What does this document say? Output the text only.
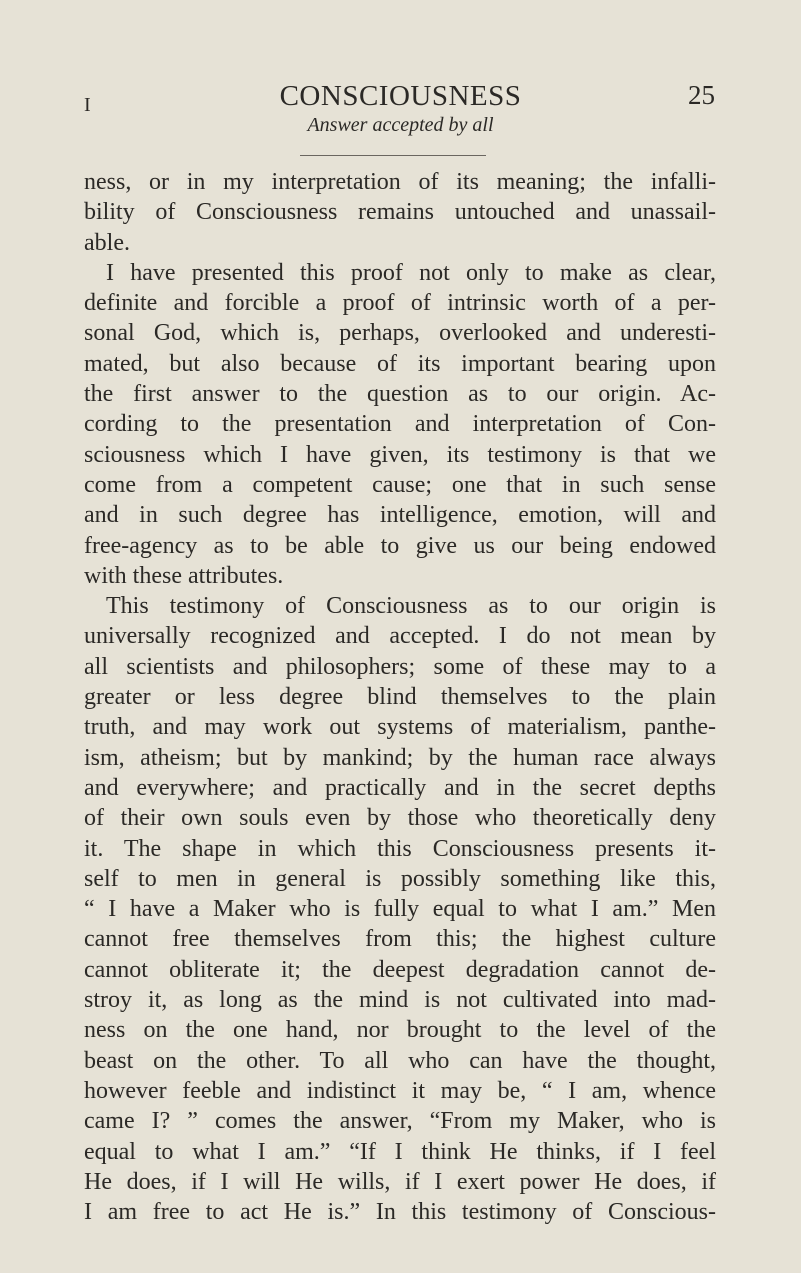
I	CONSCIOUSNESS	25
Answer accepted by all
ness, or in my interpretation of its meaning; the infalli-
bility of Consciousness remains untouched and unassail-
able.
I have presented this proof not only to make as clear,
definite and forcible a proof of intrinsic worth of a per-
sonal God, which is, perhaps, overlooked and underesti-
mated, but also because of its important bearing upon
the first answer to the question as to our origin. Ac-
cording to the presentation and interpretation of Con-
sciousness which I have given, its testimony is that we
come from a competent cause; one that in such sense
and in such degree has intelligence, emotion, will and
free-agency as to be able to give us our being endowed
with these attributes.
This testimony of Consciousness as to our origin is
universally recognized and accepted. I do not mean by
all scientists and philosophers; some of these may to a
greater or less degree blind themselves to the plain
truth, and may work out systems of materialism, panthe-
ism, atheism; but by mankind; by the human race always
and everywhere; and practically and in the secret depths
of their own souls even by those who theoretically deny
it. The shape in which this Consciousness presents it-
self to men in general is possibly something like this,
“ I have a Maker who is fully equal to what I am.” Men
cannot free themselves from this; the highest culture
cannot obliterate it; the deepest degradation cannot de-
stroy it, as long as the mind is not cultivated into mad-
ness on the one hand, nor brought to the level of the
beast on the other. To all who can have the thought,
however feeble and indistinct it may be, “ I am, whence
came I? ” comes the answer, “From my Maker, who is
equal to what I am.” “If I think He thinks, if I feel
He does, if I will He wills, if I exert power He does, if
I am free to act He is.” In this testimony of Conscious-
